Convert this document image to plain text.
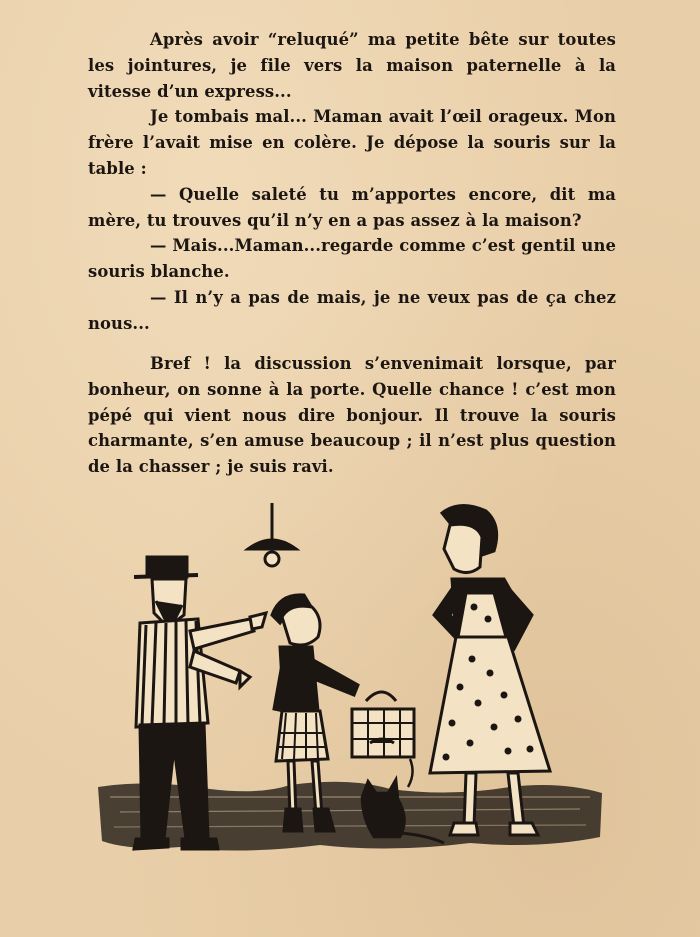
Après avoir “reluqué” ma petite bête sur toutes les jointures, je file vers la maison paternelle à la vitesse d’un express...

Je tombais mal... Maman avait l’œil orageux. Mon frère l’avait mise en colère. Je dépose la souris sur la table :

— Quelle saleté tu m’apportes encore, dit ma mère, tu trouves qu’il n’y en a pas assez à la maison?

— Mais...Maman...regarde comme c’est gentil une souris blanche.

— Il n’y a pas de mais, je ne veux pas de ça chez nous...

Bref ! la discussion s’envenimait lorsque, par bonheur, on sonne à la porte. Quelle chance ! c’est mon pépé qui vient nous dire bonjour. Il trouve la souris charmante, s’en amuse beaucoup ; il n’est plus question de la chasser ; je suis ravi.
